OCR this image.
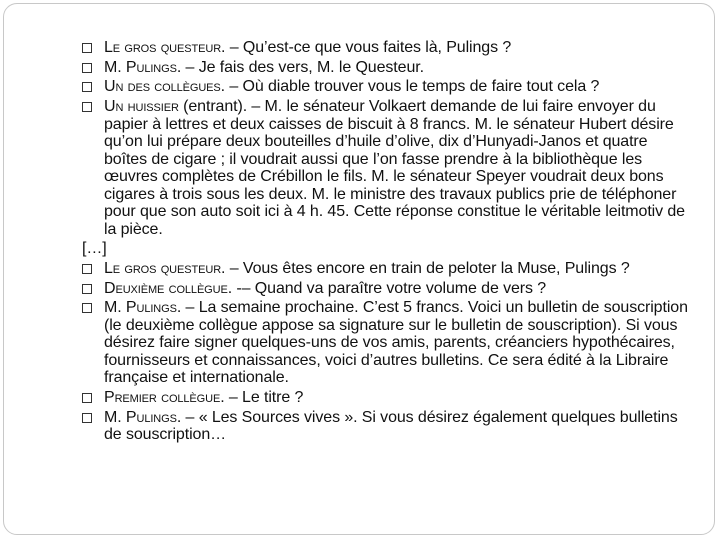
Le gros questeur. – Qu’est-ce que vous faites là, Pulings ?
M. Pulings. – Je fais des vers, M. le Questeur.
Un des collègues. – Où diable trouver vous le temps de faire tout cela ?
Un huissier (entrant). – M. le sénateur Volkaert demande de lui faire envoyer du papier à lettres et deux caisses de biscuit à 8 francs. M. le sénateur Hubert désire qu’on lui prépare deux bouteilles d’huile d’olive, dix d’Hunyadi-Janos et quatre boîtes de cigare ; il voudrait aussi que l’on fasse prendre à la bibliothèque les œuvres complètes de Crébillon le fils. M. le sénateur Speyer voudrait deux bons cigares à trois sous les deux. M. le ministre des travaux publics prie de téléphoner pour que son auto soit ici à 4 h. 45. Cette réponse constitue le véritable leitmotiv de la pièce.
[…]
Le gros questeur. – Vous êtes encore en train de peloter la Muse, Pulings ?
Deuxième collègue. -– Quand va paraître votre volume de vers ?
M. Pulings. – La semaine prochaine. C’est 5 francs. Voici un bulletin de souscription (le deuxième collègue appose sa signature sur le bulletin de souscription). Si vous désirez faire signer quelques-uns de vos amis, parents, créanciers hypothécaires, fournisseurs et connaissances, voici d’autres bulletins. Ce sera édité à la Libraire française et internationale.
Premier collègue. – Le titre ?
M. Pulings. – « Les Sources vives ». Si vous désirez également quelques bulletins de souscription…
